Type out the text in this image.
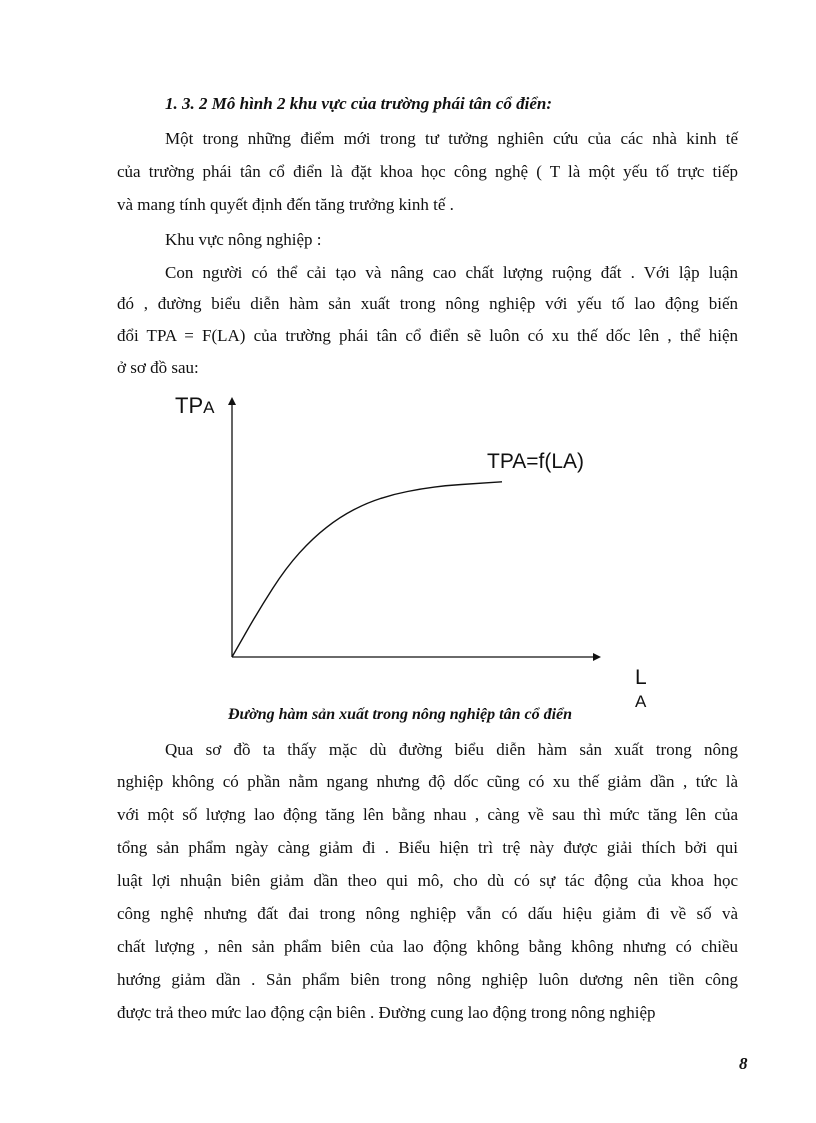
1. 3. 2 Mô hình 2 khu vực của trường phái tân cổ điển:
Một trong những điểm mới trong tư tưởng nghiên cứu của các nhà kinh tế
của trường phái tân cổ điển là đặt khoa học công nghệ ( T là một yếu tố trực tiếp
và mang tính quyết định đến tăng trưởng kinh tế .
Khu vực nông nghiệp :
Con người có thể cải tạo và nâng cao chất lượng ruộng đất . Với lập luận
đó , đường biểu diễn hàm sản xuất trong nông nghiệp với yếu tố lao động biến
đổi TPA = F(LA) của trường phái tân cổ điển sẽ luôn có xu thế dốc lên , thể hiện
ở sơ đồ sau:
TPA
TPA=f(LA)
L
A
Đường hàm sản xuất trong nông nghiệp tân cổ điển
Qua sơ đồ ta thấy mặc dù đường biểu diễn hàm sản xuất trong nông
nghiệp không có phần nằm ngang nhưng độ dốc cũng có xu thế giảm dần , tức là
với một số lượng lao động tăng lên bằng nhau , càng về sau thì mức tăng lên của
tổng sản phẩm ngày càng giảm đi . Biểu hiện trì trệ này được giải thích bởi qui
luật lợi nhuận biên giảm dần theo qui mô, cho dù có sự tác động của khoa học
công nghệ nhưng đất đai trong nông nghiệp vẫn có dấu hiệu giảm đi về số và
chất lượng , nên sản phẩm biên của lao động không bằng không nhưng có chiều
hướng giảm dần . Sản phẩm biên trong nông nghiệp luôn dương nên tiền công
được trả theo mức lao động cận biên . Đường cung lao động trong nông nghiệp
8
